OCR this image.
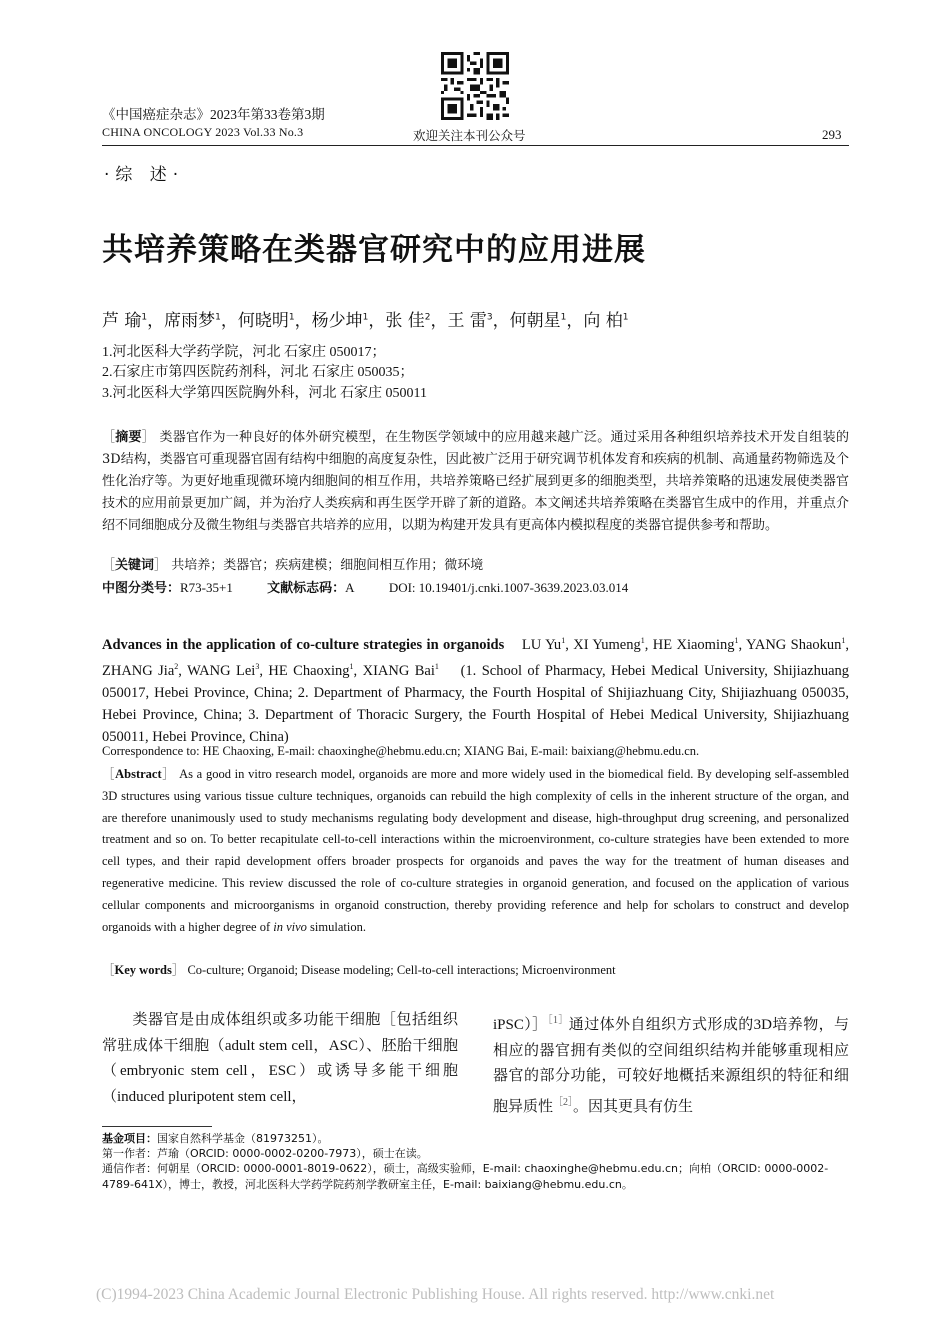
《中国癌症杂志》2023年第33卷第3期
CHINA ONCOLOGY 2023 Vol.33 No.3	欢迎关注本刊公众号	293
·综 述·
共培养策略在类器官研究中的应用进展
芦 瑜$^1$，席雨梦$^1$，何晓明$^1$，杨少坤$^1$，张 佳$^2$，王 雷$^3$，何朝星$^1$，向 柏$^1$
1.河北医科大学药学院，河北 石家庄 050017；
2.石家庄市第四医院药剂科，河北 石家庄 050035；
3.河北医科大学第四医院胸外科，河北 石家庄 050011
［摘要］ 类器官作为一种良好的体外研究模型，在生物医学领域中的应用越来越广泛。通过采用各种组织培养技术开发自组装的3D结构，类器官可重现器官固有结构中细胞的高度复杂性，因此被广泛用于研究调节机体发育和疾病的机制、高通量药物筛选及个性化治疗等。为更好地重现微环境内细胞间的相互作用，共培养策略已经扩展到更多的细胞类型，共培养策略的迅速发展使类器官技术的应用前景更加广阔，并为治疗人类疾病和再生医学开辟了新的道路。本文阐述共培养策略在类器官生成中的作用，并重点介绍不同细胞成分及微生物组与类器官共培养的应用，以期为构建开发具有更高体内模拟程度的类器官提供参考和帮助。
［关键词］ 共培养；类器官；疾病建模；细胞间相互作用；微环境
中图分类号：R73-35+1	文献标志码：A	DOI: 10.19401/j.cnki.1007-3639.2023.03.014
Advances in the application of co-culture strategies in organoids LU Yu$^1$, XI Yumeng$^1$, HE Xiaoming$^1$, YANG Shaokun$^1$, ZHANG Jia$^2$, WANG Lei$^3$, HE Chaoxing$^1$, XIANG Bai$^1$ (1. School of Pharmacy, Hebei Medical University, Shijiazhuang 050017, Hebei Province, China; 2. Department of Pharmacy, the Fourth Hospital of Shijiazhuang City, Shijiazhuang 050035, Hebei Province, China; 3. Department of Thoracic Surgery, the Fourth Hospital of Hebei Medical University, Shijiazhuang 050011, Hebei Province, China)
Correspondence to: HE Chaoxing, E-mail: chaoxinghe@hebmu.edu.cn; XIANG Bai, E-mail: baixiang@hebmu.edu.cn.
［Abstract］ As a good in vitro research model, organoids are more and more widely used in the biomedical field. By developing self-assembled 3D structures using various tissue culture techniques, organoids can rebuild the high complexity of cells in the inherent structure of the organ, and are therefore unanimously used to study mechanisms regulating body development and disease, high-throughput drug screening, and personalized treatment and so on. To better recapitulate cell-to-cell interactions within the microenvironment, co-culture strategies have been extended to more cell types, and their rapid development offers broader prospects for organoids and paves the way for the treatment of human diseases and regenerative medicine. This review discussed the role of co-culture strategies in organoid generation, and focused on the application of various cellular components and microorganisms in organoid construction, thereby providing reference and help for scholars to construct and develop organoids with a higher degree of in vivo simulation.
［Key words］ Co-culture; Organoid; Disease modeling; Cell-to-cell interactions; Microenvironment
类器官是由成体组织或多功能干细胞［包括组织常驻成体干细胞（adult stem cell，ASC）、胚胎干细胞（embryonic stem cell，ESC）或诱导多能干细胞（induced pluripotent stem cell，
iPSC）］$^{[1]}$通过体外自组织方式形成的3D培养物，与相应的器官拥有类似的空间组织结构并能够重现相应器官的部分功能，可较好地概括来源组织的特征和细胞异质性$^{[2]}$。因其更具有仿生
基金项目：国家自然科学基金（81973251）。
第一作者：芦瑜（ORCID: 0000-0002-0200-7973），硕士在读。
通信作者：何朝星（ORCID: 0000-0001-8019-0622），硕士，高级实验师，E-mail: chaoxinghe@hebmu.edu.cn；向柏（ORCID: 0000-0002-4789-641X），博士，教授，河北医科大学药学院药剂学教研室主任，E-mail: baixiang@hebmu.edu.cn。
(C)1994-2023 China Academic Journal Electronic Publishing House. All rights reserved. http://www.cnki.net
